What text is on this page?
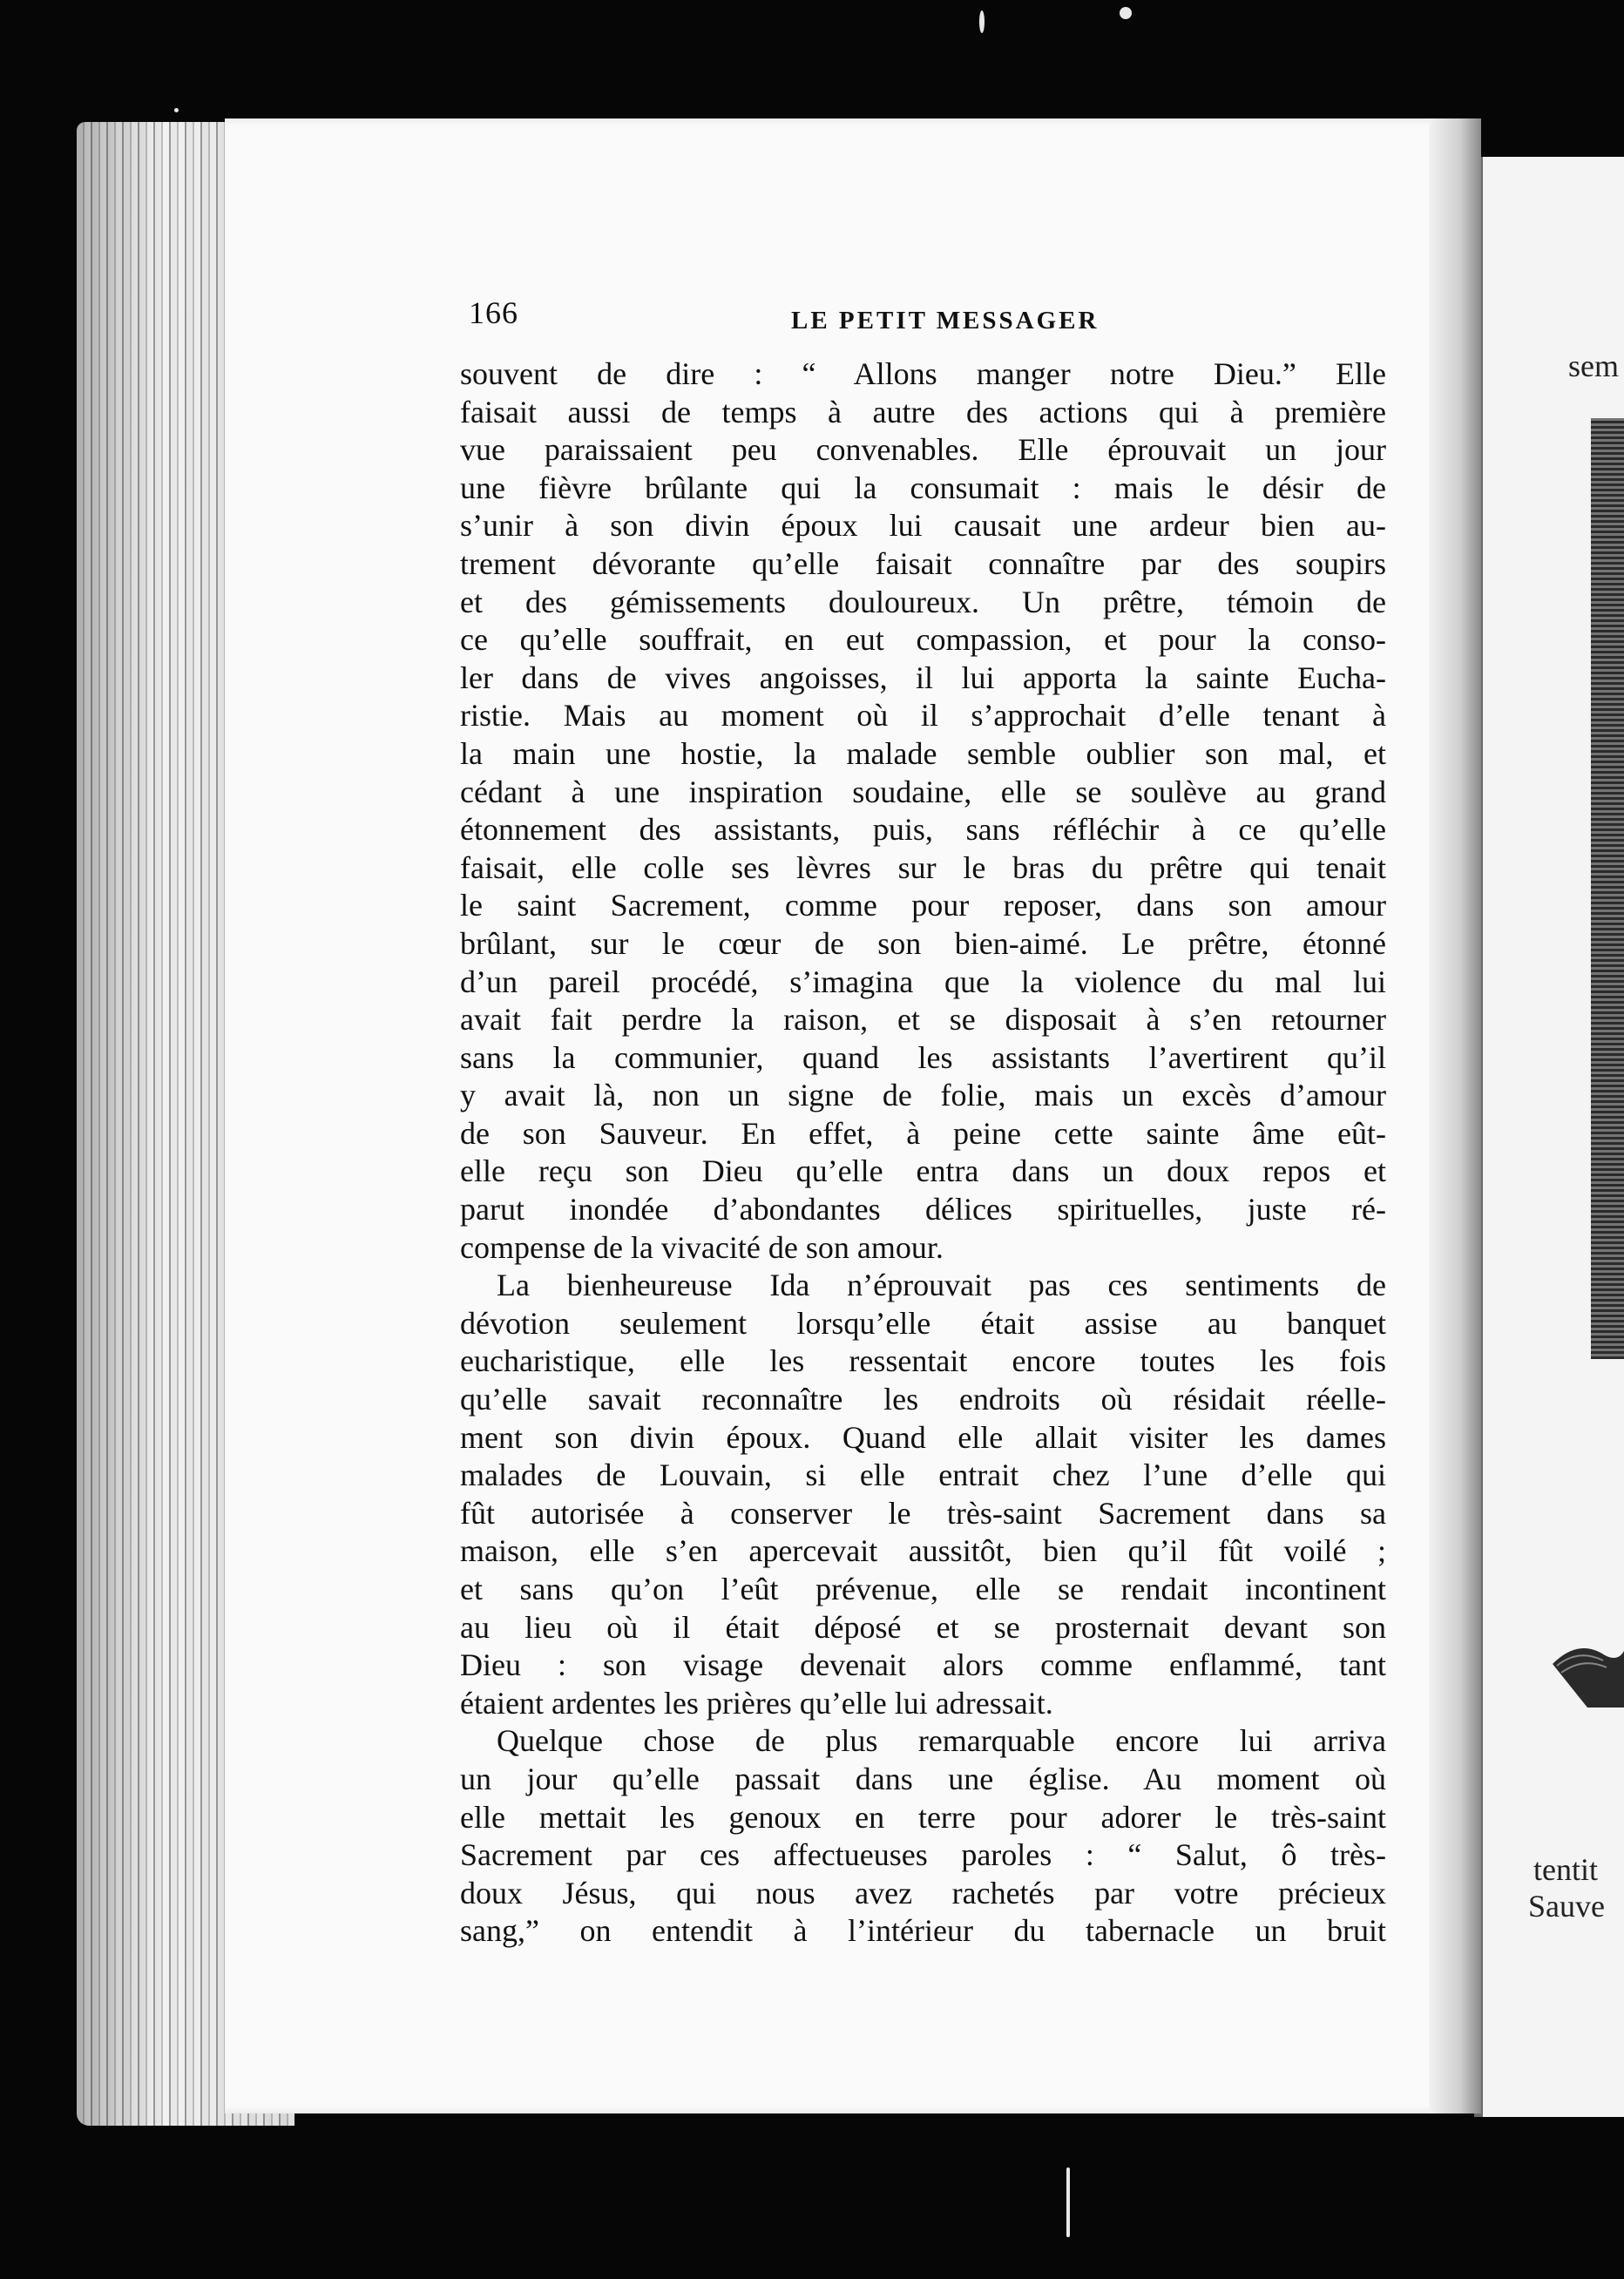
sem
tentit
Sauve
166	LE PETIT MESSAGER
souvent de dire : “ Allons manger notre Dieu.” Elle
faisait aussi de temps à autre des actions qui à première
vue paraissaient peu convenables. Elle éprouvait un jour
une fièvre brûlante qui la consumait : mais le désir de
s’unir à son divin époux lui causait une ardeur bien au-
trement dévorante qu’elle faisait connaître par des soupirs
et des gémissements douloureux. Un prêtre, témoin de
ce qu’elle souffrait, en eut compassion, et pour la conso-
ler dans de vives angoisses, il lui apporta la sainte Eucha-
ristie. Mais au moment où il s’approchait d’elle tenant à
la main une hostie, la malade semble oublier son mal, et
cédant à une inspiration soudaine, elle se soulève au grand
étonnement des assistants, puis, sans réfléchir à ce qu’elle
faisait, elle colle ses lèvres sur le bras du prêtre qui tenait
le saint Sacrement, comme pour reposer, dans son amour
brûlant, sur le cœur de son bien-aimé. Le prêtre, étonné
d’un pareil procédé, s’imagina que la violence du mal lui
avait fait perdre la raison, et se disposait à s’en retourner
sans la communier, quand les assistants l’avertirent qu’il
y avait là, non un signe de folie, mais un excès d’amour
de son Sauveur. En effet, à peine cette sainte âme eût-
elle reçu son Dieu qu’elle entra dans un doux repos et
parut inondée d’abondantes délices spirituelles, juste ré-
compense de la vivacité de son amour.
La bienheureuse Ida n’éprouvait pas ces sentiments de
dévotion seulement lorsqu’elle était assise au banquet
eucharistique, elle les ressentait encore toutes les fois
qu’elle savait reconnaître les endroits où résidait réelle-
ment son divin époux. Quand elle allait visiter les dames
malades de Louvain, si elle entrait chez l’une d’elle qui
fût autorisée à conserver le très-saint Sacrement dans sa
maison, elle s’en apercevait aussitôt, bien qu’il fût voilé ;
et sans qu’on l’eût prévenue, elle se rendait incontinent
au lieu où il était déposé et se prosternait devant son
Dieu : son visage devenait alors comme enflammé, tant
étaient ardentes les prières qu’elle lui adressait.
Quelque chose de plus remarquable encore lui arriva
un jour qu’elle passait dans une église. Au moment où
elle mettait les genoux en terre pour adorer le très-saint
Sacrement par ces affectueuses paroles : “ Salut, ô très-
doux Jésus, qui nous avez rachetés par votre précieux
sang,” on entendit à l’intérieur du tabernacle un bruit
